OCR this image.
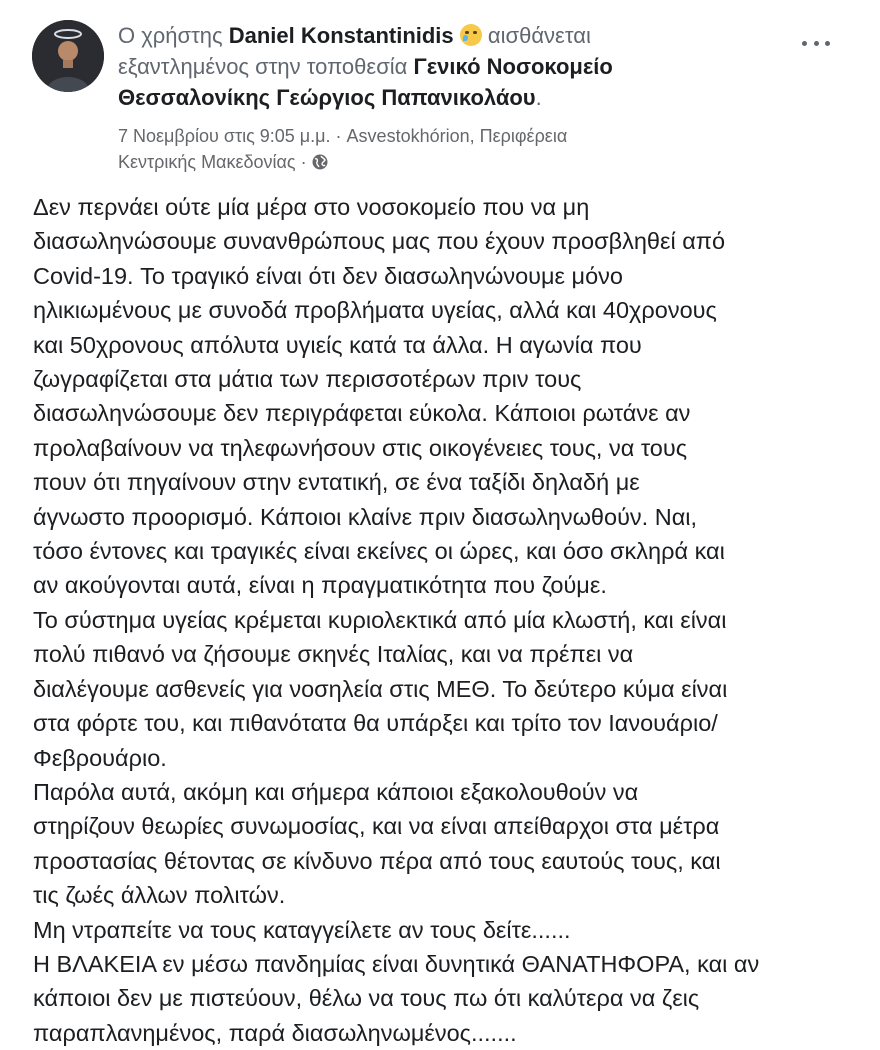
Ο χρήστης Daniel Konstantinidis
αισθάνεται
εξαντλημένος στην τοποθεσία Γενικό Νοσοκομείο
Θεσσαλονίκης Γεώργιος Παπανικολάου.
7 Νοεμβρίου στις 9:05 μ.μ. · Asvestokhórion, Περιφέρεια
Κεντρικής Μακεδονίας ·
Δεν περνάει ούτε μία μέρα στο νοσοκομείο που να μη
διασωληνώσουμε συνανθρώπους μας που έχουν προσβληθεί από
Covid-19. Το τραγικό είναι ότι δεν διασωληνώνουμε μόνο
ηλικιωμένους με συνοδά προβλήματα υγείας, αλλά και 40χρονους
και 50χρονους απόλυτα υγιείς κατά τα άλλα. Η αγωνία που
ζωγραφίζεται στα μάτια των περισσοτέρων πριν τους
διασωληνώσουμε δεν περιγράφεται εύκολα. Κάποιοι ρωτάνε αν
προλαβαίνουν να τηλεφωνήσουν στις οικογένειες τους, να τους
πουν ότι πηγαίνουν στην εντατική, σε ένα ταξίδι δηλαδή με
άγνωστο προορισμό. Κάποιοι κλαίνε πριν διασωληνωθούν. Ναι,
τόσο έντονες και τραγικές είναι εκείνες οι ώρες, και όσο σκληρά και
αν ακούγονται αυτά, είναι η πραγματικότητα που ζούμε.
Το σύστημα υγείας κρέμεται κυριολεκτικά από μία κλωστή, και είναι
πολύ πιθανό να ζήσουμε σκηνές Ιταλίας, και να πρέπει να
διαλέγουμε ασθενείς για νοσηλεία στις ΜΕΘ. Το δεύτερο κύμα είναι
στα φόρτε του, και πιθανότατα θα υπάρξει και τρίτο τον Ιανουάριο/
Φεβρουάριο.
Παρόλα αυτά, ακόμη και σήμερα κάποιοι εξακολουθούν να
στηρίζουν θεωρίες συνωμοσίας, και να είναι απείθαρχοι στα μέτρα
προστασίας θέτοντας σε κίνδυνο πέρα από τους εαυτούς τους, και
τις ζωές άλλων πολιτών.
Μη ντραπείτε να τους καταγγείλετε αν τους δείτε......
Η ΒΛΑΚΕΙΑ εν μέσω πανδημίας είναι δυνητικά ΘΑΝΑΤΗΦΟΡΑ, και αν
κάποιοι δεν με πιστεύουν, θέλω να τους πω ότι καλύτερα να ζεις
παραπλανημένος, παρά διασωληνωμένος.......
